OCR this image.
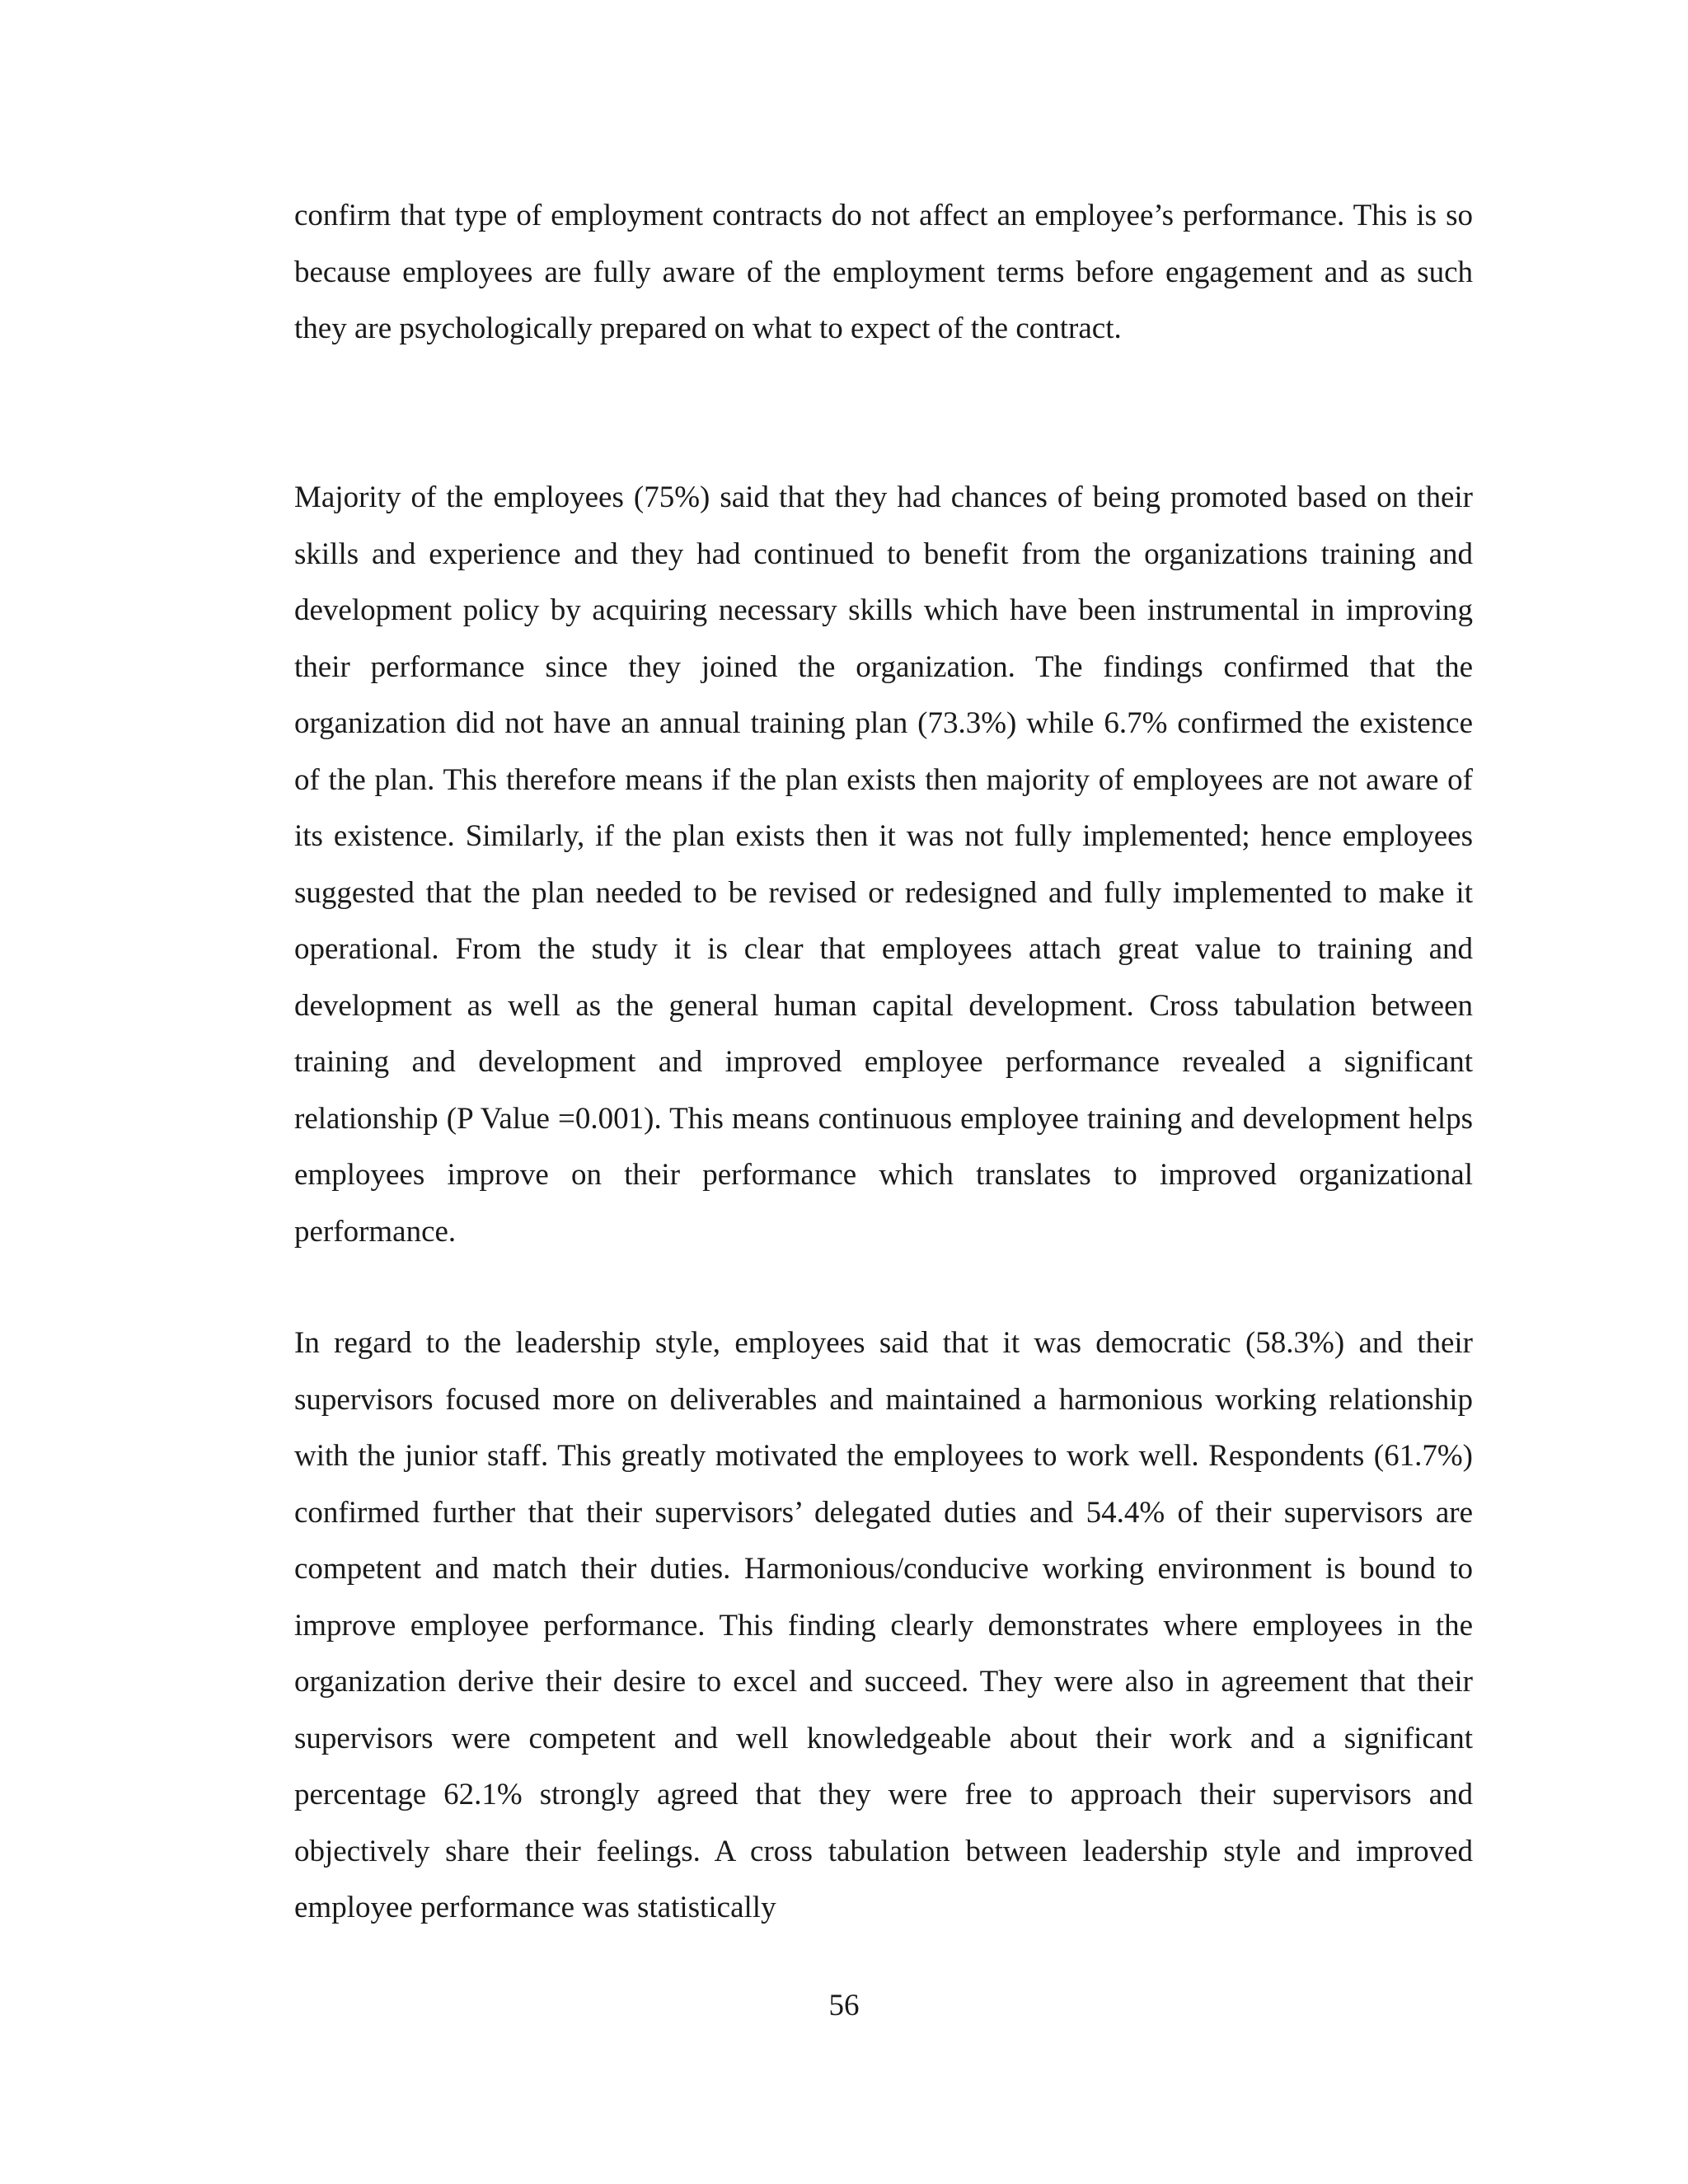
confirm that type of employment contracts do not affect an employee’s performance. This is so because employees are fully aware of the employment terms before engagement and as such they are psychologically prepared on what to expect of the contract.

Majority of the employees (75%) said that they had chances of being promoted based on their skills and experience and they had continued to benefit from the organizations training and development policy by acquiring necessary skills which have been instrumental in improving their performance since they joined the organization. The findings confirmed that the organization did not have an annual training plan (73.3%) while 6.7% confirmed the existence of the plan. This therefore means if the plan exists then majority of employees are not aware of its existence. Similarly, if the plan exists then it was not fully implemented; hence employees suggested that the plan needed to be revised or redesigned and fully implemented to make it operational. From the study it is clear that employees attach great value to training and development as well as the general human capital development. Cross tabulation between training and development and improved employee performance revealed a significant relationship (P Value =0.001). This means continuous employee training and development helps employees improve on their performance which translates to improved organizational performance.

In regard to the leadership style, employees said that it was democratic (58.3%) and their supervisors focused more on deliverables and maintained a harmonious working relationship with the junior staff. This greatly motivated the employees to work well. Respondents (61.7%) confirmed further that their supervisors’ delegated duties and 54.4% of their supervisors are competent and match their duties. Harmonious/conducive working environment is bound to improve employee performance. This finding clearly demonstrates where employees in the organization derive their desire to excel and succeed. They were also in agreement that their supervisors were competent and well knowledgeable about their work and a significant percentage 62.1% strongly agreed that they were free to approach their supervisors and objectively share their feelings. A cross tabulation between leadership style and improved employee performance was statistically

56
